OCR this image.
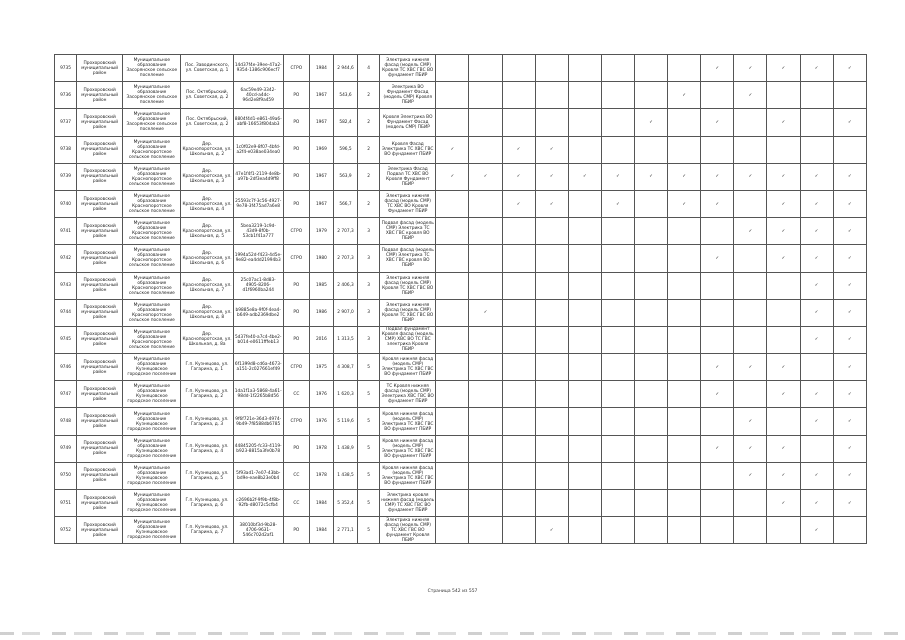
9735	Прохоровский муниципальный район	Муниципальное образование Засорянское сельское поселение	Пос. Заводинского, ул. Советская, д. 1	14d37f4e-39ee-47a2-9354-1386c906ecf7	СГРО	1984	2 944,6	4	Электрика нижняя фасад (модель СМР) Кровля ТС ХВС ГВС ВО фундамент ПБИР									✓	✓	✓	✓	✓
9736	Прохоровский муниципальный район	Муниципальное образование Засорянское сельское поселение	Пос. Октябрьский, ул. Советская, д. 2	6ac59e49-3342-40cd-a4dc-96d2e8f9a459	РО	1967	543,6	2	Электрика ВО Фундамент Фасад (модель СМР) Кровля ПБИР								✓		✓			
9737	Прохоровский муниципальный район	Муниципальное образование Засорянское сельское поселение	Пос. Октябрьский, ул. Советская, д. 2	8804f4d1-e861-49a6-abf8-16653f804ab3	РО	1967	582,4	2	Кровля Электрика ВО Фундамент Фасад (модель СМР) ПБИР							✓		✓		✓		✓
9738	Прохоровский муниципальный район	Муниципальное образование Краснопоротское сельское поселение	Дер. Краснопоротская, ул. Школьная, д. 2	1c0f02e9-8f07-4bfd-a2f4-e038ae034ea0	РО	1969	596,5	2	Кровля Фасад Электрика ТС ХВС ГВС ВО фундамент ПБИР	✓		✓	✓									
9739	Прохоровский муниципальный район	Муниципальное образование Краснопоротское сельское поселение	Дер. Краснопоротская, ул. Школьная, д. 3	47e1f4f1-2119-4e8b-a97b-2df3ea4d9ff8	РО	1967	563,9	2	Электрика Фасад Подвал ТС ХВС ВО Кровля Фундамент ПБИР	✓	✓	✓	✓	✓	✓	✓	✓	✓	✓	✓	✓	✓
9740	Прохоровский муниципальный район	Муниципальное образование Краснопоротское сельское поселение	Дер. Краснопоротская, ул. Школьная, д. 4	25593c7f-3c56-4927-9e78-3f475ad7a6e8	РО	1967	566,7	2	Электрика нижняя фасад (модель СМР) ТС ХВС ВО Кровля Фундамент ПБИР			✓	✓		✓		✓	✓		✓	✓	✓
9741	Прохоровский муниципальный район	Муниципальное образование Краснопоротское сельское поселение	Дер. Краснопоротская, ул. Школьная, д. 5	5bea3219-1c9d-43d9-8f0b-53cb1f41a777	СГРО	1979	2 707,3	3	Подвал фасад (модель СМР) Электрика ТС ХВС ГВС кровля ВО ПБИР										✓	✓	✓	✓
9742	Прохоровский муниципальный район	Муниципальное образование Краснопоротское сельское поселение	Дер. Краснопоротская, ул. Школьная, д. 6	1994a52d-f423-4d5e-9e82-ea4dd21994b3	СГРО	1980	2 707,3	3	Подвал фасад (модель СМР) Электрика ТС ХВС ГВС кровля ВО ПБИР									✓		✓	✓	✓
9743	Прохоровский муниципальный район	Муниципальное образование Краснопоротское сельское поселение	Дер. Краснопоротская, ул. Школьная, д. 7	25c07ac1-8d83-4905-8206-d1f6960ba244	РО	1985	2 406,3	3	Электрика нижняя фасад (модель СМР) Кровля ТС ХВС ГВС ВО ПБИР												✓	✓
9744	Прохоровский муниципальный район	Муниципальное образование Краснопоротское сельское поселение	Дер. Краснопоротская, ул. Школьная, д. 8	b9885e8a-9f0f-4ea4-b649-adb2369dbe2	РО	1986	2 907,0	3	Электрика нижняя фасад (модель СМР) Кровля ТС ХВС ГВС ВО ПБИР		✓										✓	✓
9745	Прохоровский муниципальный район	Муниципальное образование Краснопоротское сельское поселение	Дер. Краснопоротская, ул. Школьная, д. 8а	5d37fe40-a7c4-4be2-b014-e0611fffeb13	РО	2016	1 313,5	3	Подвал фундамент Кровля фасад (модель СМР) ХВС ВО ТС ГВС электрика Кровля ПБИР												✓	✓
9746	Прохоровский муниципальный район	Муниципальное образование Кузнецовское городское поселение	Г.п. Кузнецово, ул. Гагарина, д. 1	6f1399d8-cd6a-4673-a151-2c027661ef49	СГРО	1975	4 308,7	5	Кровля нижняя фасад (модель СМР) Электрика ТС ХВС ГВС ВО фундамент ПБИР									✓	✓	✓		✓
9747	Прохоровский муниципальный район	Муниципальное образование Кузнецовское городское поселение	Г.п. Кузнецово, ул. Гагарина, д. 2	1da1f1a3-5868-4a61-98dd-1f2265b8d56	СС	1976	1 620,3	5	ТС Кровля нижняя фасад (модель СМР) Электрика ХВС ГВС ВО фундамент ПБИР									✓		✓	✓	✓
9748	Прохоровский муниципальный район	Муниципальное образование Кузнецовское городское поселение	Г.п. Кузнецово, ул. Гагарина, д. 3	9f6f721e-36d3-4974-9b49-7f8588db6785	СГРО	1976	5 119,6	5	Кровля нижняя фасад (модель СМР) Электрика ТС ХВС ГВС ВО фундамент ПБИР										✓		✓	✓
9749	Прохоровский муниципальный район	Муниципальное образование Кузнецовское городское поселение	Г.п. Кузнецово, ул. Гагарина, д. 4	44845205-fc33-4119-b923-8815a3fe0b78	РО	1978	1 438,9	5	Кровля нижняя фасад (модель СМР) Электрика ТС ХВС ГВС ВО фундамент ПБИР									✓	✓	✓		✓
9750	Прохоровский муниципальный район	Муниципальное образование Кузнецовское городское поселение	Г.п. Кузнецово, ул. Гагарина, д. 5	5f93ad1-7e07-43bb-bd9e-eae8b23e0b4	СС	1978	1 438,5	5	Кровля нижняя фасад (модель СМР) Электрика ТС ХВС ГВС ВО фундамент ПБИР										✓	✓	✓	✓
9751	Прохоровский муниципальный район	Муниципальное образование Кузнецовское городское поселение	Г.п. Кузнецово, ул. Гагарина, д. 6	c2696b2f-9f9b-4f8b-92fb-d8072c5cfb4	СС	1984	5 352,4	5	Электрика кровля нижняя фасад (модель СМР) ТС ХВС ГВС ВО фундамент ПБИР											✓	✓	✓
9752	Прохоровский муниципальный район	Муниципальное образование Кузнецовское городское поселение	Г.п. Кузнецово, ул. Гагарина, д. 7	38010bf3d-9b28-4706-9631-546c702d2af1	РО	1984	2 771,1	5	Электрика нижняя фасад (модель СМР) ТС ХВС ГВС ВО фундамент Кровля ПБИР				✓								✓	
Страница 542 из 557
